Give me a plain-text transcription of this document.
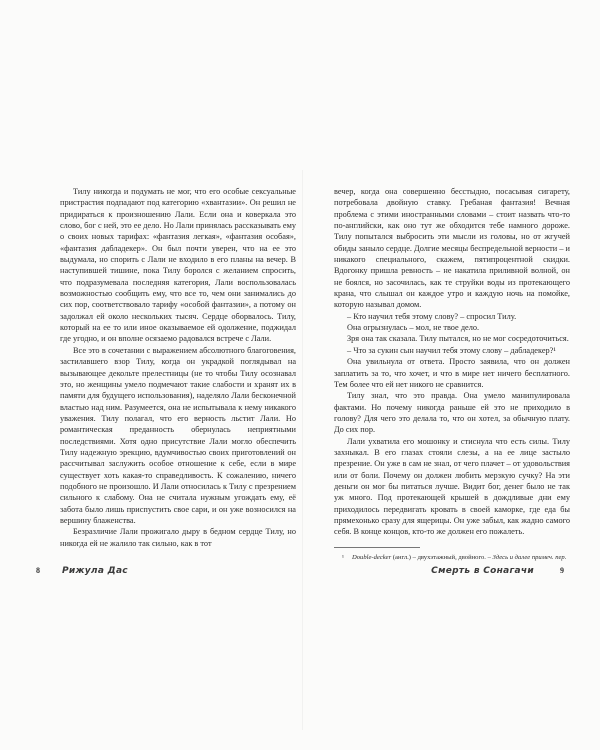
Тилу никогда и подумать не мог, что его особые сексуальные пристрастия подпадают под категорию «хвантазии». Он решил не придираться к произношению Лали. Если она и коверкала это слово, бог с ней, это ее дело. Но Лали принялась рассказывать ему о своих новых тарифах: «фантазия легкая», «фантазия особая», «фантазия дабладекер». Он был почти уверен, что на ее это выдумала, но спорить с Лали не входило в его планы на вечер. В наступившей тишине, пока Тилу боролся с желанием спросить, что подразумевала последняя категория, Лали воспользовалась возможностью сообщить ему, что все то, чем они занимались до сих пор, соответствовало тарифу «особой фантазии», а потому он задолжал ей около нескольких тысяч. Сердце оборвалось. Тилу, который на ее то или иное оказываемое ей одолжение, поджидал где угодно, и он вполне осязаемо радовался встрече с Лали.

Все это в сочетании с выражением абсолютного благоговения, застилавшего взор Тилу, когда он украдкой поглядывал на вызывающее декольте прелестницы (не то чтобы Тилу осознавал это, но женщины умело подмечают такие слабости и хранят их в памяти для будущего использования), наделяло Лали бесконечной властью над ним. Разумеется, она не испытывала к нему никакого уважения. Тилу полагал, что его верность льстит Лали. Но романтическая преданность обернулась неприятными последствиями. Хотя одно присутствие Лали могло обеспечить Тилу надежную эрекцию, вдумчивостью своих приготовлений он рассчитывал заслужить особое отношение к себе, если в мире существует хоть какая-то справедливость. К сожалению, ничего подобного не произошло. И Лали относилась к Тилу с презрением сильного к слабому. Она не считала нужным угождать ему, её забота было лишь приспустить свое сари, и он уже возносился на вершину блаженства.

Безразличие Лали прожигало дыру в бедном сердце Тилу, но никогда ей не жалило так сильно, как в тот

вечер, когда она совершенно бесстыдно, посасывая сигарету, потребовала двойную ставку. Гребаная фантазия! Вечная проблема с этими иностранными словами – стоит назвать что-то по-английски, как оно тут же обходится тебе намного дороже. Тилу попытался выбросить эти мысли из головы, но от жгучей обиды заныло сердце. Долгие месяцы беспредельной верности – и никакого специального, скажем, пятипроцентной скидки. Вдогонку пришла ревность – не накатила приливной волной, он не боялся, но засочилась, как те струйки воды из протекающего крана, что слышал он каждое утро и каждую ночь на помойке, которую называл домом.

– Кто научил тебя этому слову? – спросил Тилу.

Она огрызнулась – мол, не твое дело.

Зря она так сказала. Тилу пытался, но не мог сосредоточиться.

– Что за сукин сын научил тебя этому слову – дабладекер?¹

Она увильнула от ответа. Просто заявила, что он должен заплатить за то, что хочет, и что в мире нет ничего бесплатного. Тем более что ей нет никого не сравнится.

Тилу знал, что это правда. Она умело манипулировала фактами. Но почему никогда раньше ей это не приходило в голову? Для чего это делала то, что он хотел, за обычную плату. До сих пор.

Лали ухватила его мошонку и стиснула что есть силы. Тилу захныкал. В его глазах стояли слезы, а на ее лице застыло презрение. Он уже в сам не знал, от чего плачет – от удовольствия или от боли. Почему он должен любить мерзкую сучку? На эти деньги он мог бы питаться лучше. Видит бог, денег было не так уж много. Под протекающей крышей в дождливые дни ему приходилось передвигать кровать в своей каморке, где еда бы прямехонько сразу для ящерицы. Он уже забыл, как жадно самого себя. В конце концов, кто-то же должен его пожалеть.

¹ Double-decker (англ.) – двухэтажный, двойного. – Здесь и далее примеч. пер.

8 Рижула Дас	Смерть в Сонагачи	9
